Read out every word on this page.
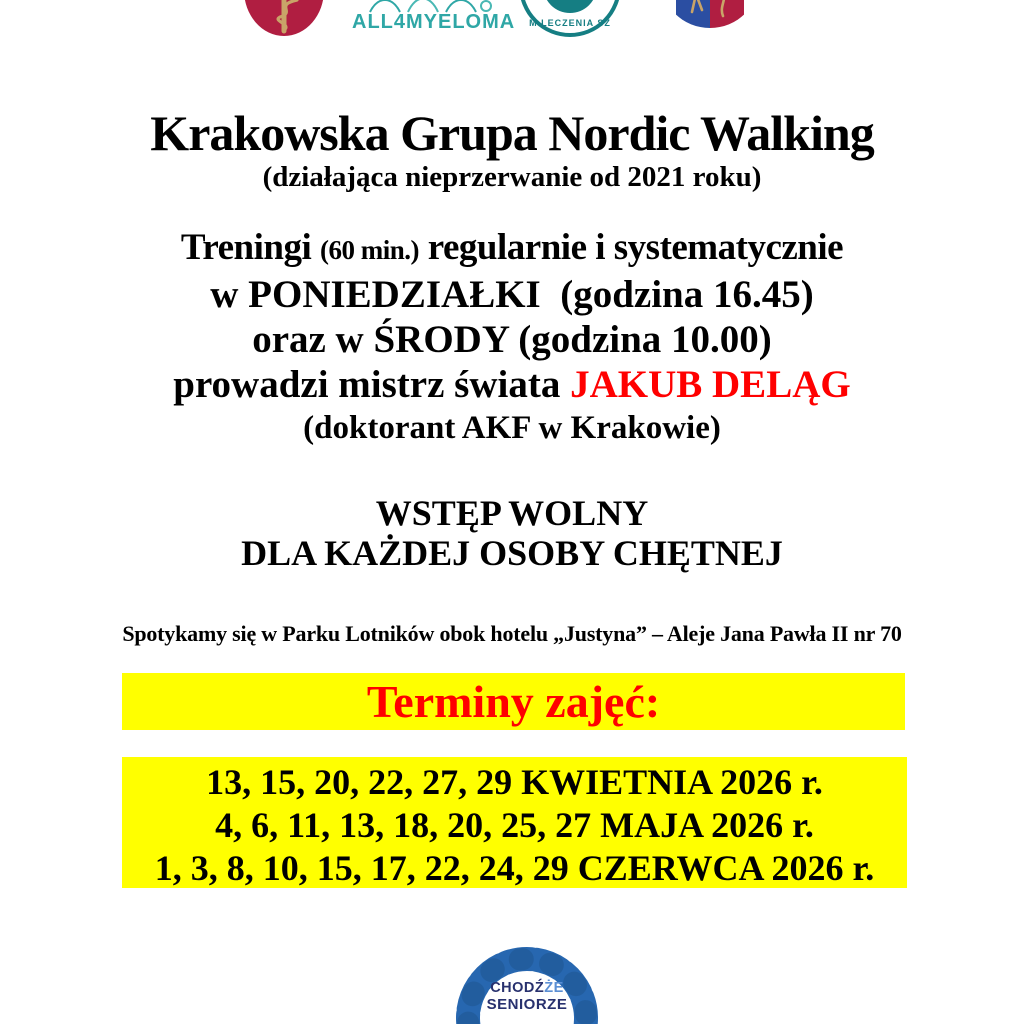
ALL4MYELOMA M LECZENIA SZ
Krakowska Grupa Nordic Walking
(działająca nieprzerwanie od 2021 roku)
Treningi (60 min.) regularnie i systematycznie
w PONIEDZIAŁKI  (godzina 16.45)
oraz w ŚRODY (godzina 10.00)
prowadzi mistrz świata JAKUB DELĄG
(doktorant AKF w Krakowie)
WSTĘP WOLNY
DLA KAŻDEJ OSOBY CHĘTNEJ
Spotykamy się w Parku Lotników obok hotelu „Justyna” – Aleje Jana Pawła II nr 70
Terminy zajęć:
13, 15, 20, 22, 27, 29 KWIETNIA 2026 r.
4, 6, 11, 13, 18, 20, 25, 27 MAJA 2026 r.
1, 3, 8, 10, 15, 17, 22, 24, 29 CZERWCA 2026 r.
CHODŹŻE
SENIORZE
